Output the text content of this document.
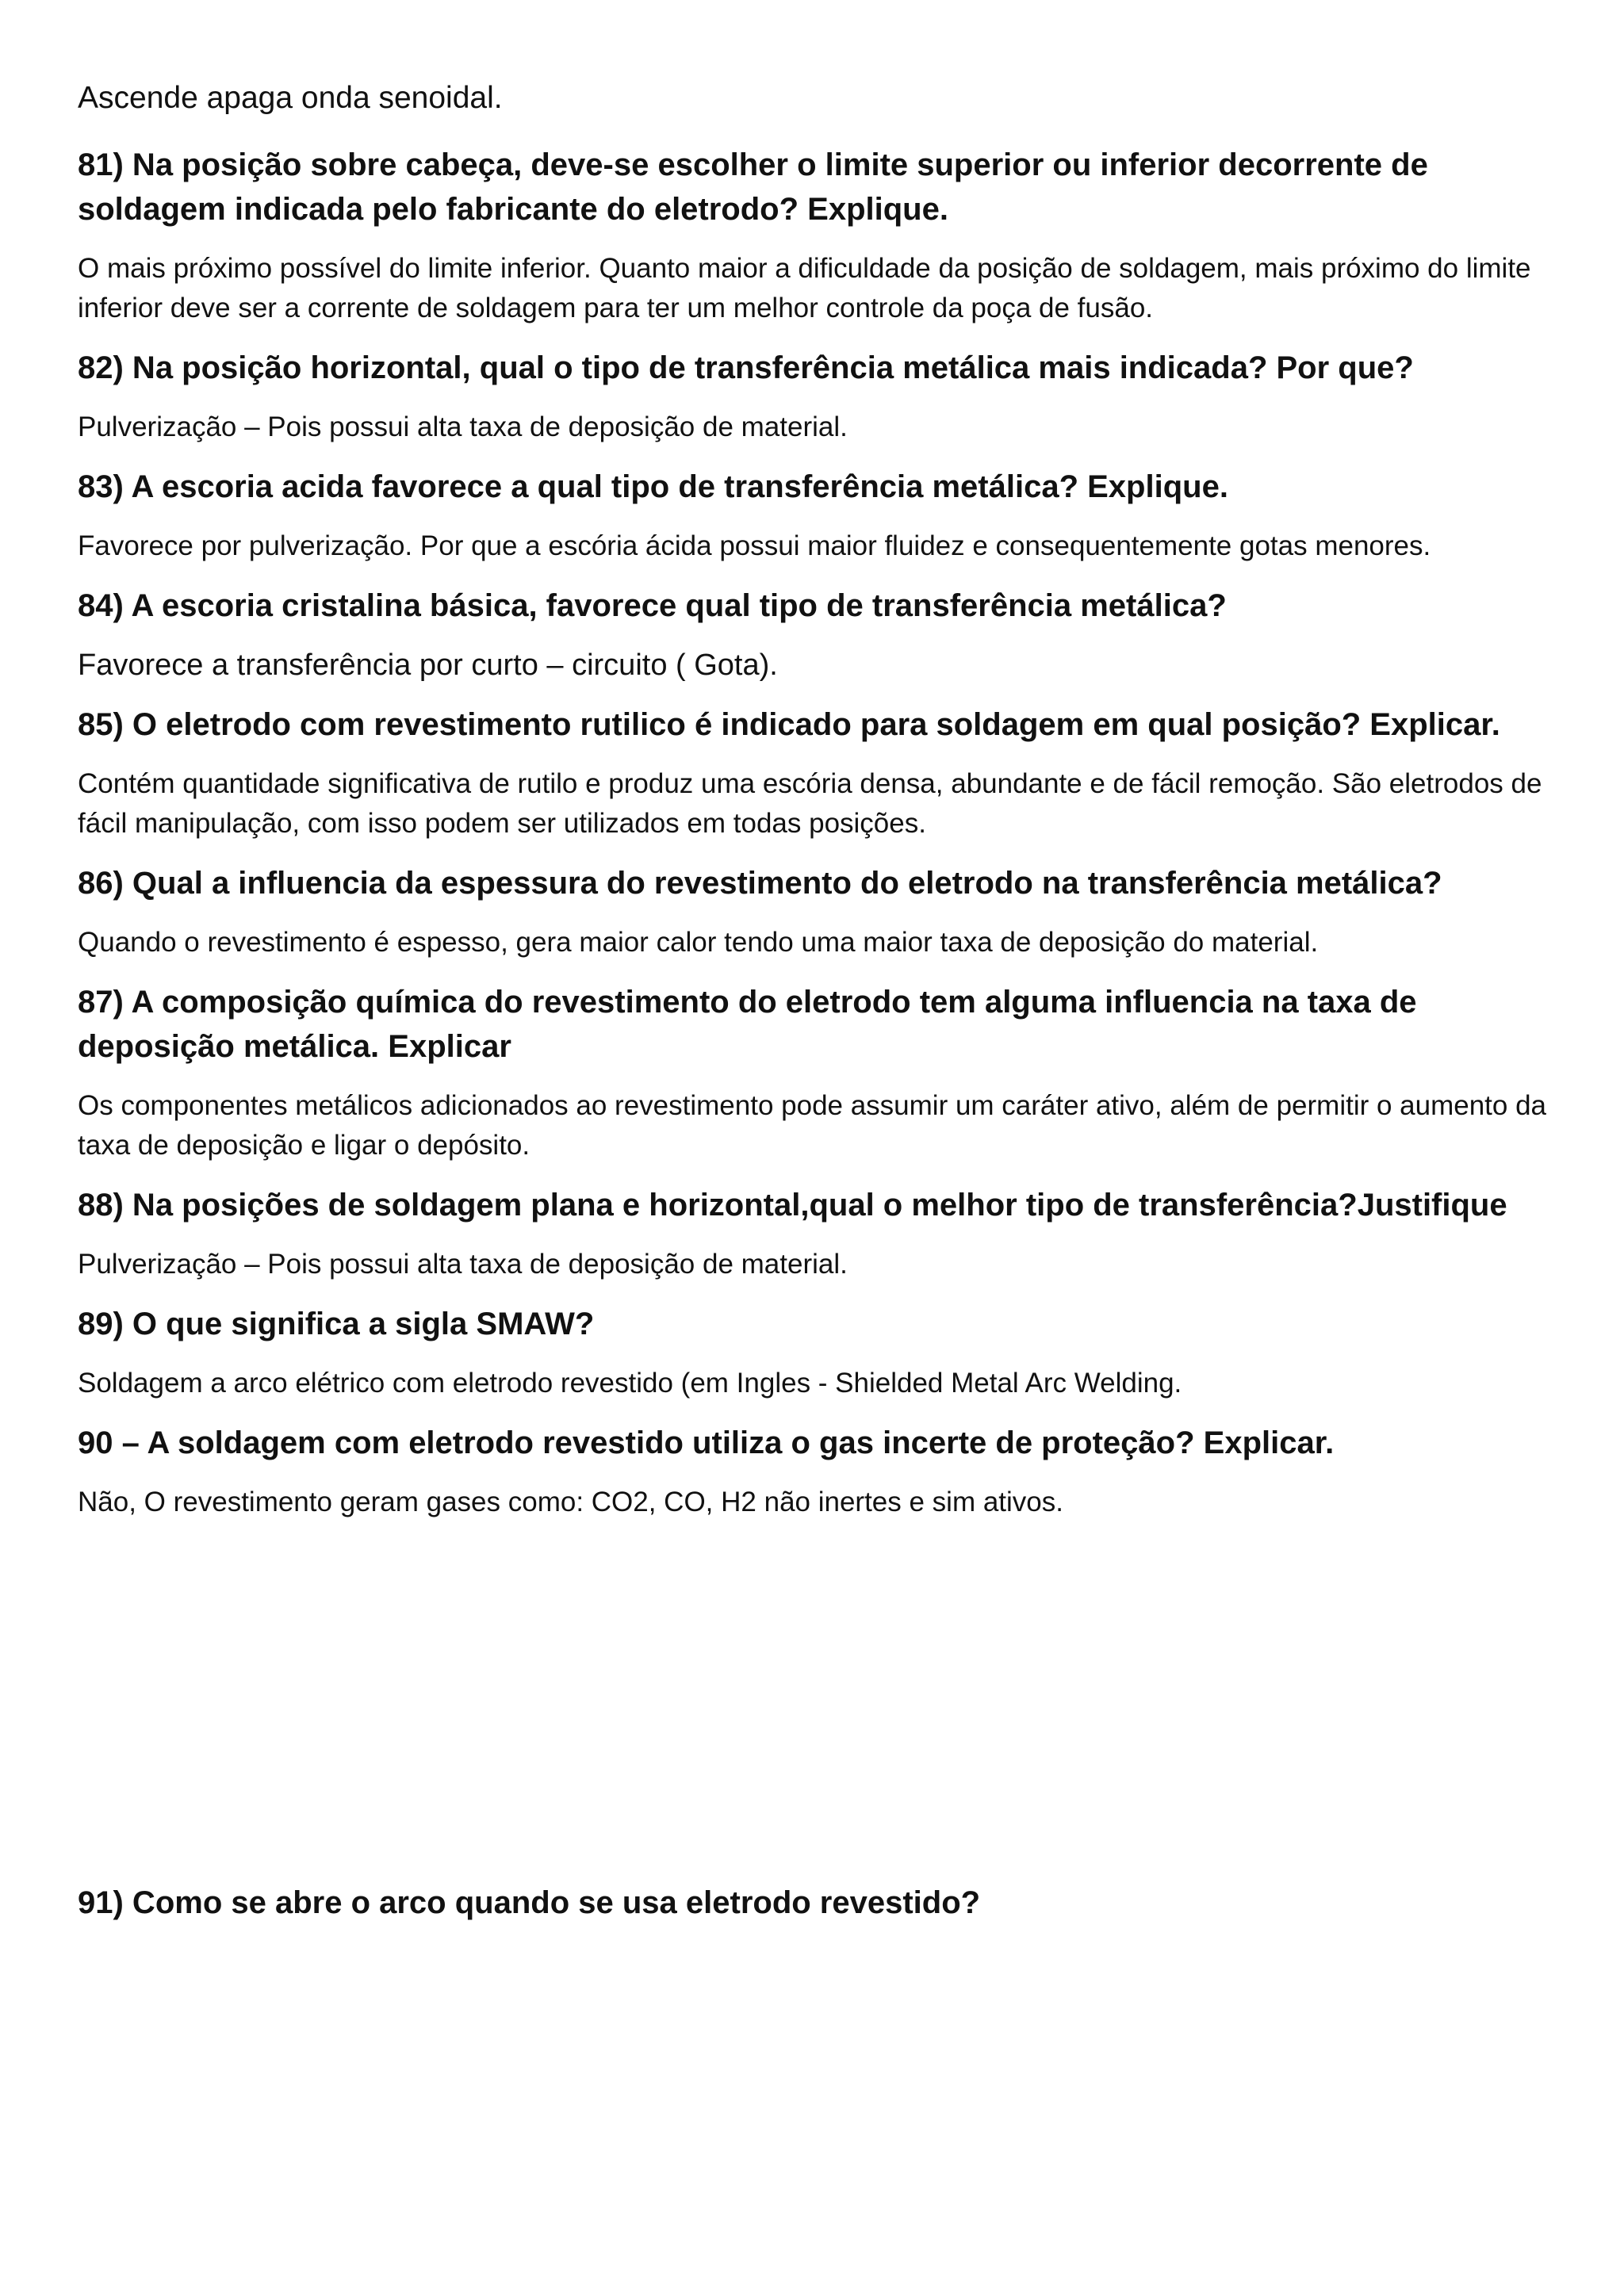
Ascende apaga onda senoidal.

81) Na posição sobre cabeça, deve-se escolher o limite superior ou inferior decorrente de soldagem indicada pelo fabricante do eletrodo? Explique.

O mais próximo possível do limite inferior. Quanto maior a dificuldade da posição de soldagem, mais próximo do limite inferior deve ser a corrente de soldagem para ter um melhor controle da poça de fusão.

82) Na posição horizontal, qual o tipo de transferência metálica mais indicada? Por que?

Pulverização – Pois possui alta taxa de deposição de material.

83) A escoria acida favorece a qual tipo de transferência metálica? Explique.

Favorece por pulverização. Por que a escória ácida possui maior fluidez e consequentemente gotas menores.

84) A escoria cristalina básica, favorece qual tipo de transferência metálica?

Favorece a transferência por curto – circuito ( Gota).

85) O eletrodo com revestimento rutilico é indicado para soldagem em qual posição? Explicar.

Contém quantidade significativa de rutilo e produz uma escória densa, abundante e de fácil remoção. São eletrodos de fácil manipulação, com isso podem ser utilizados em todas posições.

86) Qual a influencia da espessura do revestimento do eletrodo na transferência metálica?

Quando o revestimento é espesso, gera maior calor tendo uma maior taxa de deposição do material.

87) A composição química do revestimento do eletrodo tem alguma influencia na taxa de deposição metálica. Explicar

Os componentes metálicos adicionados ao revestimento pode assumir um caráter ativo, além de permitir o aumento da taxa de deposição e ligar o depósito.

88) Na posições de soldagem plana e horizontal,qual o melhor tipo de transferência?Justifique

Pulverização – Pois possui alta taxa de deposição de material.

89) O que significa a sigla SMAW?

Soldagem a arco elétrico com eletrodo revestido (em Ingles - Shielded Metal Arc Welding.

90 – A soldagem com eletrodo revestido utiliza o gas incerte de proteção? Explicar.

Não, O revestimento geram gases como: CO2, CO, H2 não inertes e sim ativos.

91) Como se abre o arco quando se usa eletrodo revestido?
